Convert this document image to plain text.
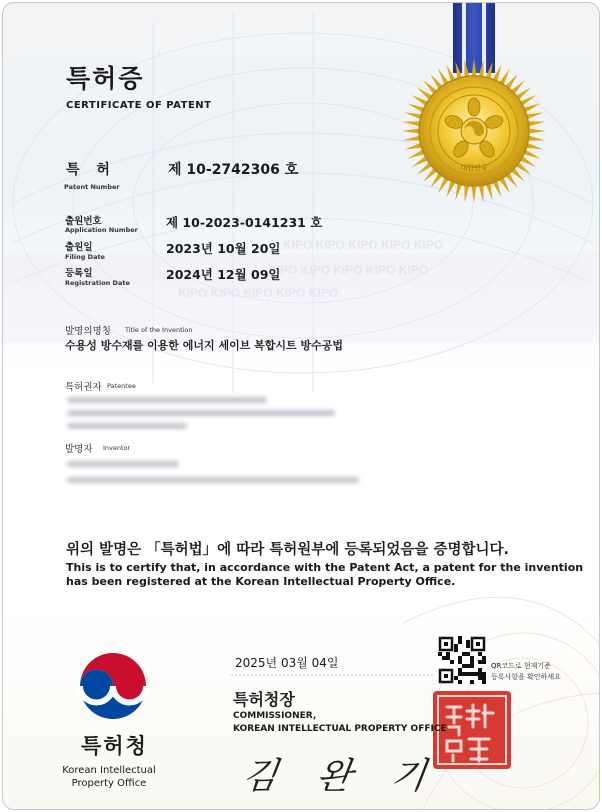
KIPO KIPO KIPO KIPO KIPO
KIPO KIPO KIPO KIPO KIPO
KIPO KIPO KIPO KIPO KIPO
대한민국
특허증
CERTIFICATE OF PATENT
특 허
Patent Number
제 10-2742306 호
출원번호
Application Number 제 10-2023-0141231 호
출원일
Filing Date
2023년 10월 20일
등록일
Registration Date
2024년 12월 09일
발명의명칭 Title of the Invention
수용성 방수재를 이용한 에너지 세이브 복합시트 방수공법
특허권자 Patentee
발명자 Inventor
위의 발명은 「특허법」에 따라 특허원부에 등록되었음을 증명합니다.
This is to certify that, in accordance with the Patent Act, a patent for the invention
has been registered at the Korean Intellectual Property Office.
2025년 03월 04일
특허청장
COMMISSIONER,
KOREAN INTELLECTUAL PROPERTY OFFICE
김 완 기
QR코드로 현재기준
등록사항을 확인하세요
특허청
Korean Intellectual Property Office
